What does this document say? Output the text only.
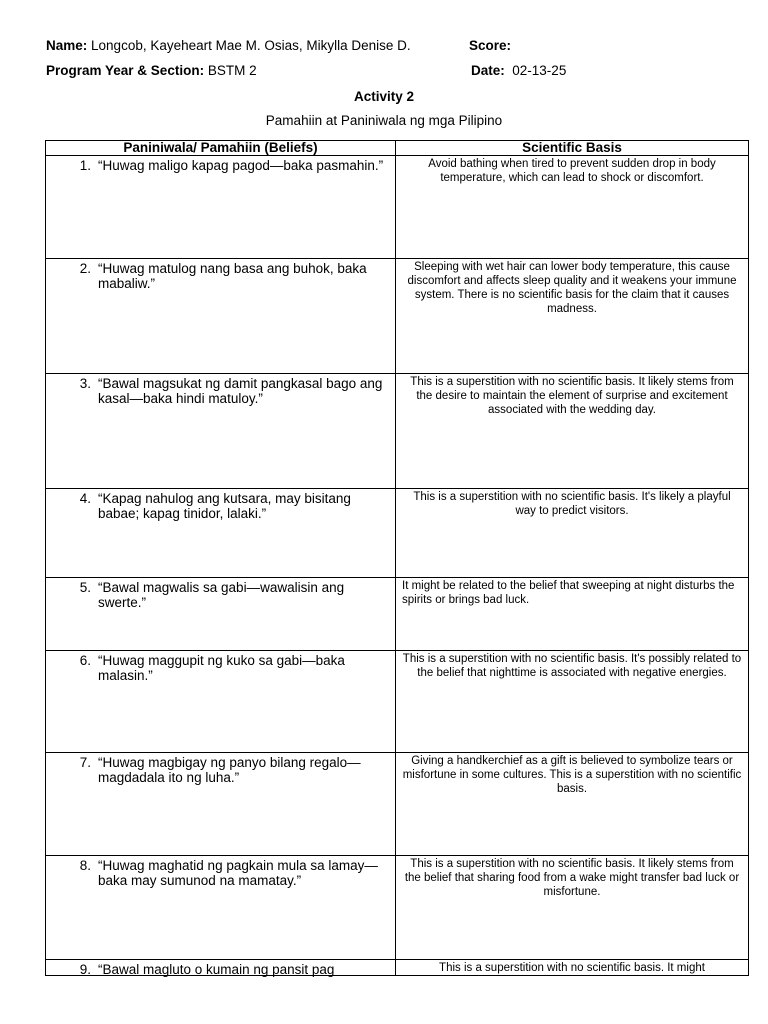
Name: Longcob, Kayeheart Mae M. Osias, Mikylla Denise D.	Score:
Program Year & Section: BSTM 2	Date: 02-13-25
Activity 2
Pamahiin at Paniniwala ng mga Pilipino
Paniniwala/ Pamahiin (Beliefs)	Scientific Basis

1. “Huwag maligo kapag pagod—baka pasmahin.”	Avoid bathing when tired to prevent sudden drop in body temperature, which can lead to shock or discomfort.

2. “Huwag matulog nang basa ang buhok, baka mabaliw.”	Sleeping with wet hair can lower body temperature, this cause discomfort and affects sleep quality and it weakens your immune system. There is no scientific basis for the claim that it causes madness.

3. “Bawal magsukat ng damit pangkasal bago ang kasal—baka hindi matuloy.”	This is a superstition with no scientific basis. It likely stems from the desire to maintain the element of surprise and excitement associated with the wedding day.

4. “Kapag nahulog ang kutsara, may bisitang babae; kapag tinidor, lalaki.”	This is a superstition with no scientific basis. It's likely a playful way to predict visitors.

5. “Bawal magwalis sa gabi—wawalisin ang swerte.”	It might be related to the belief that sweeping at night disturbs the spirits or brings bad luck.

6. “Huwag maggupit ng kuko sa gabi—baka malasin.”	This is a superstition with no scientific basis. It's possibly related to the belief that nighttime is associated with negative energies.

7. “Huwag magbigay ng panyo bilang regalo—magdadala ito ng luha.”	Giving a handkerchief as a gift is believed to symbolize tears or misfortune in some cultures. This is a superstition with no scientific basis.

8. “Huwag maghatid ng pagkain mula sa lamay—baka may sumunod na mamatay.”	This is a superstition with no scientific basis. It likely stems from the belief that sharing food from a wake might transfer bad luck or misfortune.

9. “Bawal magluto o kumain ng pansit pag	This is a superstition with no scientific basis. It might
